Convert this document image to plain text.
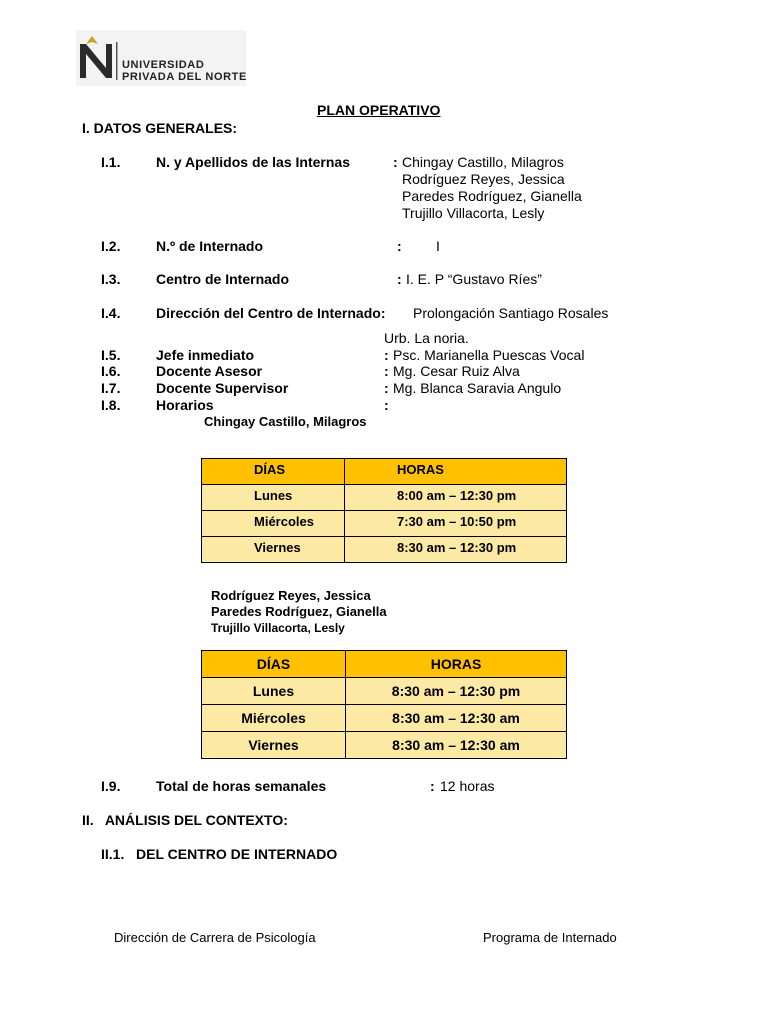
UNIVERSIDAD
PRIVADA DEL NORTE
PLAN OPERATIVO
I. DATOS GENERALES:
I.1.	N. y Apellidos de las Internas	: Chingay Castillo, Milagros
Rodríguez Reyes, Jessica
Paredes Rodríguez, Gianella
Trujillo Villacorta, Lesly
I.2.	N.º de Internado	: I
I.3.	Centro de Internado	: I. E. P “Gustavo Ríes”
I.4.	Dirección del Centro de Internado: Prolongación Santiago Rosales
Urb. La noria.
I.5.	Jefe inmediato	: Psc. Marianella Puescas Vocal
I.6.	Docente Asesor	: Mg. Cesar Ruiz Alva
I.7.	Docente Supervisor	: Mg. Blanca Saravia Angulo
I.8.	Horarios	:
Chingay Castillo, Milagros
DÍAS	HORAS
Lunes	8:00 am – 12:30 pm
Miércoles	7:30 am – 10:50 pm
Viernes	8:30 am – 12:30 pm
Rodríguez Reyes, Jessica
Paredes Rodríguez, Gianella
Trujillo Villacorta, Lesly
DÍAS	HORAS
Lunes	8:30 am – 12:30 pm
Miércoles	8:30 am – 12:30 am
Viernes	8:30 am – 12:30 am
I.9.	Total de horas semanales	: 12 horas
II.   ANÁLISIS DEL CONTEXTO:
II.1.   DEL CENTRO DE INTERNADO
Dirección de Carrera de Psicología	Programa de Internado
